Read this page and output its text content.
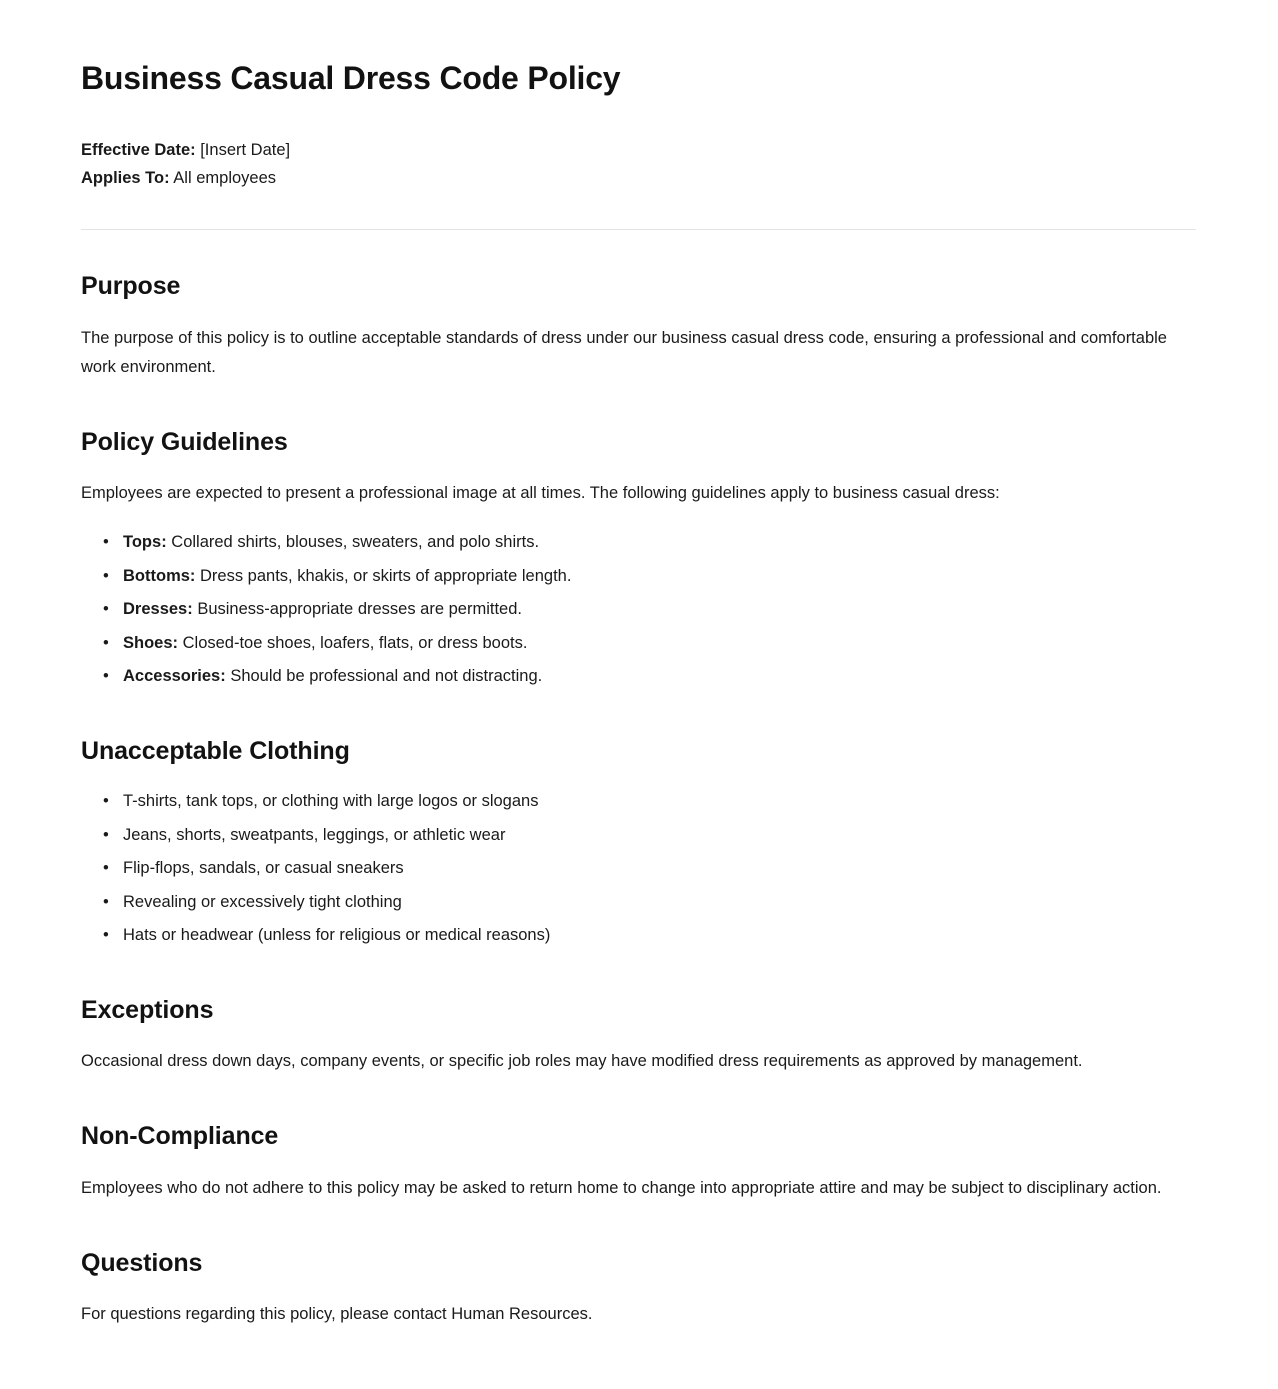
Business Casual Dress Code Policy

Effective Date: [Insert Date]

Applies To: All employees

Purpose

The purpose of this policy is to outline acceptable standards of dress under our business casual dress code, ensuring a professional and comfortable work environment.

Policy Guidelines

Employees are expected to present a professional image at all times. The following guidelines apply to business casual dress:

• Tops: Collared shirts, blouses, sweaters, and polo shirts.
• Bottoms: Dress pants, khakis, or skirts of appropriate length.
• Dresses: Business-appropriate dresses are permitted.
• Shoes: Closed-toe shoes, loafers, flats, or dress boots.
• Accessories: Should be professional and not distracting.
Unacceptable Clothing
• T-shirts, tank tops, or clothing with large logos or slogans
• Jeans, shorts, sweatpants, leggings, or athletic wear
• Flip-flops, sandals, or casual sneakers
• Revealing or excessively tight clothing
• Hats or headwear (unless for religious or medical reasons)
Exceptions

Occasional dress down days, company events, or specific job roles may have modified dress requirements as approved by management.

Non-Compliance

Employees who do not adhere to this policy may be asked to return home to change into appropriate attire and may be subject to disciplinary action.

Questions

For questions regarding this policy, please contact Human Resources.
